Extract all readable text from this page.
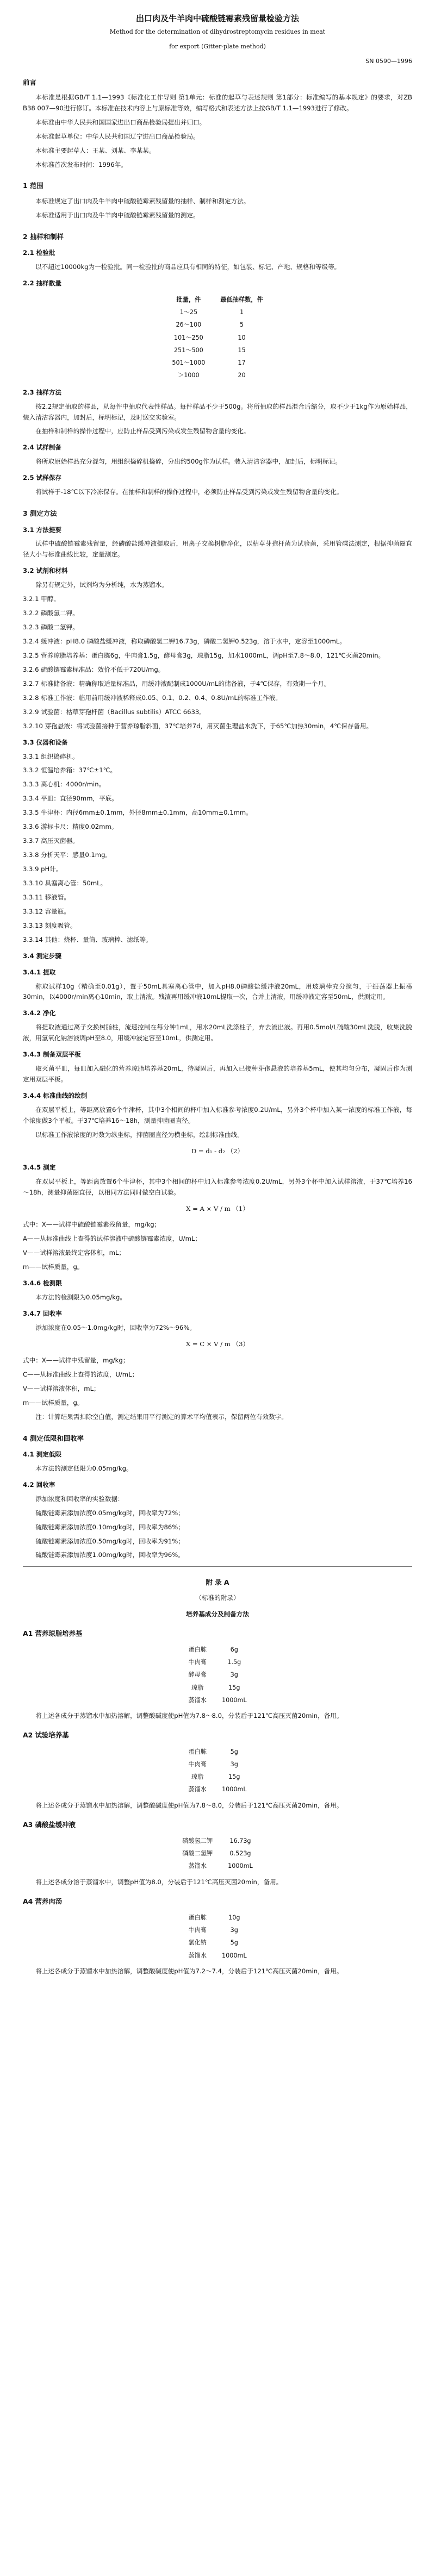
出口肉及牛羊肉中硫酸链霉素残留量检验方法
Method for the determination of dihydrostreptomycin residues in meat
for export (Gitter-plate method)
SN 0590—1996
前言
本标准是根据GB/T 1.1—1993《标准化工作导则 第1单元：标准的起草与表述规则 第1部分：标准编写的基本规定》的要求，对ZB B38 007—90进行修订。本标准在技术内容上与原标准等效，编写格式和表述方法上按GB/T 1.1—1993进行了修改。
本标准由中华人民共和国国家进出口商品检验局提出并归口。
本标准起草单位：中华人民共和国辽宁进出口商品检验局。
本标准主要起草人：王某、刘某、李某某。
本标准首次发布时间：1996年。
1 范围
本标准规定了出口肉及牛羊肉中硫酸链霉素残留量的抽样、制样和测定方法。
本标准适用于出口肉及牛羊肉中硫酸链霉素残留量的测定。
2 抽样和制样
2.1 检验批
以不超过10000kg为一检验批。同一检验批的商品应具有相同的特征，如包装、标记、产地、规格和等级等。
2.2 抽样数量
批量，件	最低抽样数，件
1～25	1
26～100	5
101～250	10
251～500	15
501～1000	17
＞1000	20
2.3 抽样方法
按2.2规定抽取的样品，从每件中抽取代表性样品。每件样品不少于500g。将所抽取的样品混合后缩分，取不少于1kg作为原始样品，装入清洁容器内，加封后，标明标记，及时送交实验室。
在抽样和制样的操作过程中，应防止样品受到污染或发生残留物含量的变化。
2.4 试样制备
将所取原始样品充分混匀，用组织捣碎机捣碎，分出约500g作为试样。装入清洁容器中，加封后，标明标记。
2.5 试样保存
将试样于-18℃以下冷冻保存。在抽样和制样的操作过程中，必须防止样品受到污染或发生残留物含量的变化。
3 测定方法
3.1 方法提要
试样中硫酸链霉素残留量，经磷酸盐缓冲液提取后，用离子交换树脂净化，以枯草芽孢杆菌为试验菌，采用管碟法测定，根据抑菌圈直径大小与标准曲线比较，定量测定。
3.2 试剂和材料
除另有规定外，试剂均为分析纯，水为蒸馏水。
3.2.1 甲醇。
3.2.2 磷酸氢二钾。
3.2.3 磷酸二氢钾。
3.2.4 缓冲液：pH8.0 磷酸盐缓冲液，称取磷酸氢二钾16.73g，磷酸二氢钾0.523g，溶于水中，定容至1000mL。
3.2.5 营养琼脂培养基：蛋白胨6g，牛肉膏1.5g，酵母膏3g，琼脂15g，加水1000mL，调pH至7.8～8.0，121℃灭菌20min。
3.2.6 硫酸链霉素标准品：效价不低于720U/mg。
3.2.7 标准储备液：精确称取适量标准品，用缓冲液配制成1000U/mL的储备液，于4℃保存，有效期一个月。
3.2.8 标准工作液：临用前用缓冲液稀释成0.05、0.1、0.2、0.4、0.8U/mL的标准工作液。
3.2.9 试验菌：枯草芽孢杆菌（Bacillus subtilis）ATCC 6633。
3.2.10 芽孢悬液：将试验菌接种于营养琼脂斜面，37℃培养7d，用灭菌生理盐水洗下，于65℃加热30min，4℃保存备用。
3.3 仪器和设备
3.3.1 组织捣碎机。
3.3.2 恒温培养箱：37℃±1℃。
3.3.3 离心机：4000r/min。
3.3.4 平皿：直径90mm，平底。
3.3.5 牛津杯：内径6mm±0.1mm，外径8mm±0.1mm，高10mm±0.1mm。
3.3.6 游标卡尺：精度0.02mm。
3.3.7 高压灭菌器。
3.3.8 分析天平：感量0.1mg。
3.3.9 pH计。
3.3.10 具塞离心管：50mL。
3.3.11 移液管。
3.3.12 容量瓶。
3.3.13 刻度吸管。
3.3.14 其他：烧杯、量筒、玻璃棒、滤纸等。
3.4 测定步骤
3.4.1 提取
称取试样10g（精确至0.01g），置于50mL具塞离心管中，加入pH8.0磷酸盐缓冲液20mL，用玻璃棒充分搅匀，于振荡器上振荡30min，以4000r/min离心10min，取上清液。残渣再用缓冲液10mL提取一次，合并上清液，用缓冲液定容至50mL，供测定用。
3.4.2 净化
将提取液通过离子交换树脂柱，流速控制在每分钟1mL，用水20mL洗涤柱子，弃去流出液。再用0.5mol/L硫酸30mL洗脱，收集洗脱液，用氢氧化钠溶液调pH至8.0，用缓冲液定容至10mL，供测定用。
3.4.3 制备双层平板
取灭菌平皿，每皿加入融化的营养琼脂培养基20mL，待凝固后，再加入已接种芽孢悬液的培养基5mL，使其均匀分布，凝固后作为测定用双层平板。
3.4.4 标准曲线的绘制
在双层平板上，等距离放置6个牛津杯，其中3个相间的杯中加入标准参考浓度0.2U/mL，另外3个杯中加入某一浓度的标准工作液，每个浓度做3个平板。于37℃培养16～18h，测量抑菌圈直径。
以标准工作液浓度的对数为纵坐标，抑菌圈直径为横坐标，绘制标准曲线。
D = d₁ - d₂ （2）
3.4.5 测定
在双层平板上，等距离放置6个牛津杯，其中3个相间的杯中加入标准参考浓度0.2U/mL，另外3个杯中加入试样溶液，于37℃培养16～18h，测量抑菌圈直径，以相同方法同时做空白试验。
X = A × V / m （1）
式中：X——试样中硫酸链霉素残留量，mg/kg；
A——从标准曲线上查得的试样溶液中硫酸链霉素浓度，U/mL；
V——试样溶液最终定容体积，mL；
m——试样质量，g。
3.4.6 检测限
本方法的检测限为0.05mg/kg。
3.4.7 回收率
添加浓度在0.05～1.0mg/kg时，回收率为72%～96%。
X = C × V / m （3）
式中：X——试样中残留量，mg/kg；
C——从标准曲线上查得的浓度，U/mL；
V——试样溶液体积，mL；
m——试样质量，g。
注：计算结果需扣除空白值，测定结果用平行测定的算术平均值表示，保留两位有效数字。
4 测定低限和回收率
4.1 测定低限
本方法的测定低限为0.05mg/kg。
4.2 回收率
添加浓度和回收率的实验数据：
硫酸链霉素添加浓度0.05mg/kg时，回收率为72%；
硫酸链霉素添加浓度0.10mg/kg时，回收率为86%；
硫酸链霉素添加浓度0.50mg/kg时，回收率为91%；
硫酸链霉素添加浓度1.00mg/kg时，回收率为96%。
附 录 A
（标准的附录）
培养基成分及制备方法
A1 营养琼脂培养基
蛋白胨	6g
牛肉膏	1.5g
酵母膏	3g
琼脂	15g
蒸馏水	1000mL
将上述各成分于蒸馏水中加热溶解，调整酸碱度使pH值为7.8～8.0，分装后于121℃高压灭菌20min，备用。
A2 试验培养基
蛋白胨	5g
牛肉膏	3g
琼脂	15g
蒸馏水	1000mL
将上述各成分于蒸馏水中加热溶解，调整酸碱度使pH值为7.8～8.0，分装后于121℃高压灭菌20min，备用。
A3 磷酸盐缓冲液
磷酸氢二钾	16.73g
磷酸二氢钾	0.523g
蒸馏水	1000mL
将上述各成分溶于蒸馏水中，调整pH值为8.0，分装后于121℃高压灭菌20min，备用。
A4 营养肉汤
蛋白胨	10g
牛肉膏	3g
氯化钠	5g
蒸馏水	1000mL
将上述各成分于蒸馏水中加热溶解，调整酸碱度使pH值为7.2～7.4，分装后于121℃高压灭菌20min，备用。
